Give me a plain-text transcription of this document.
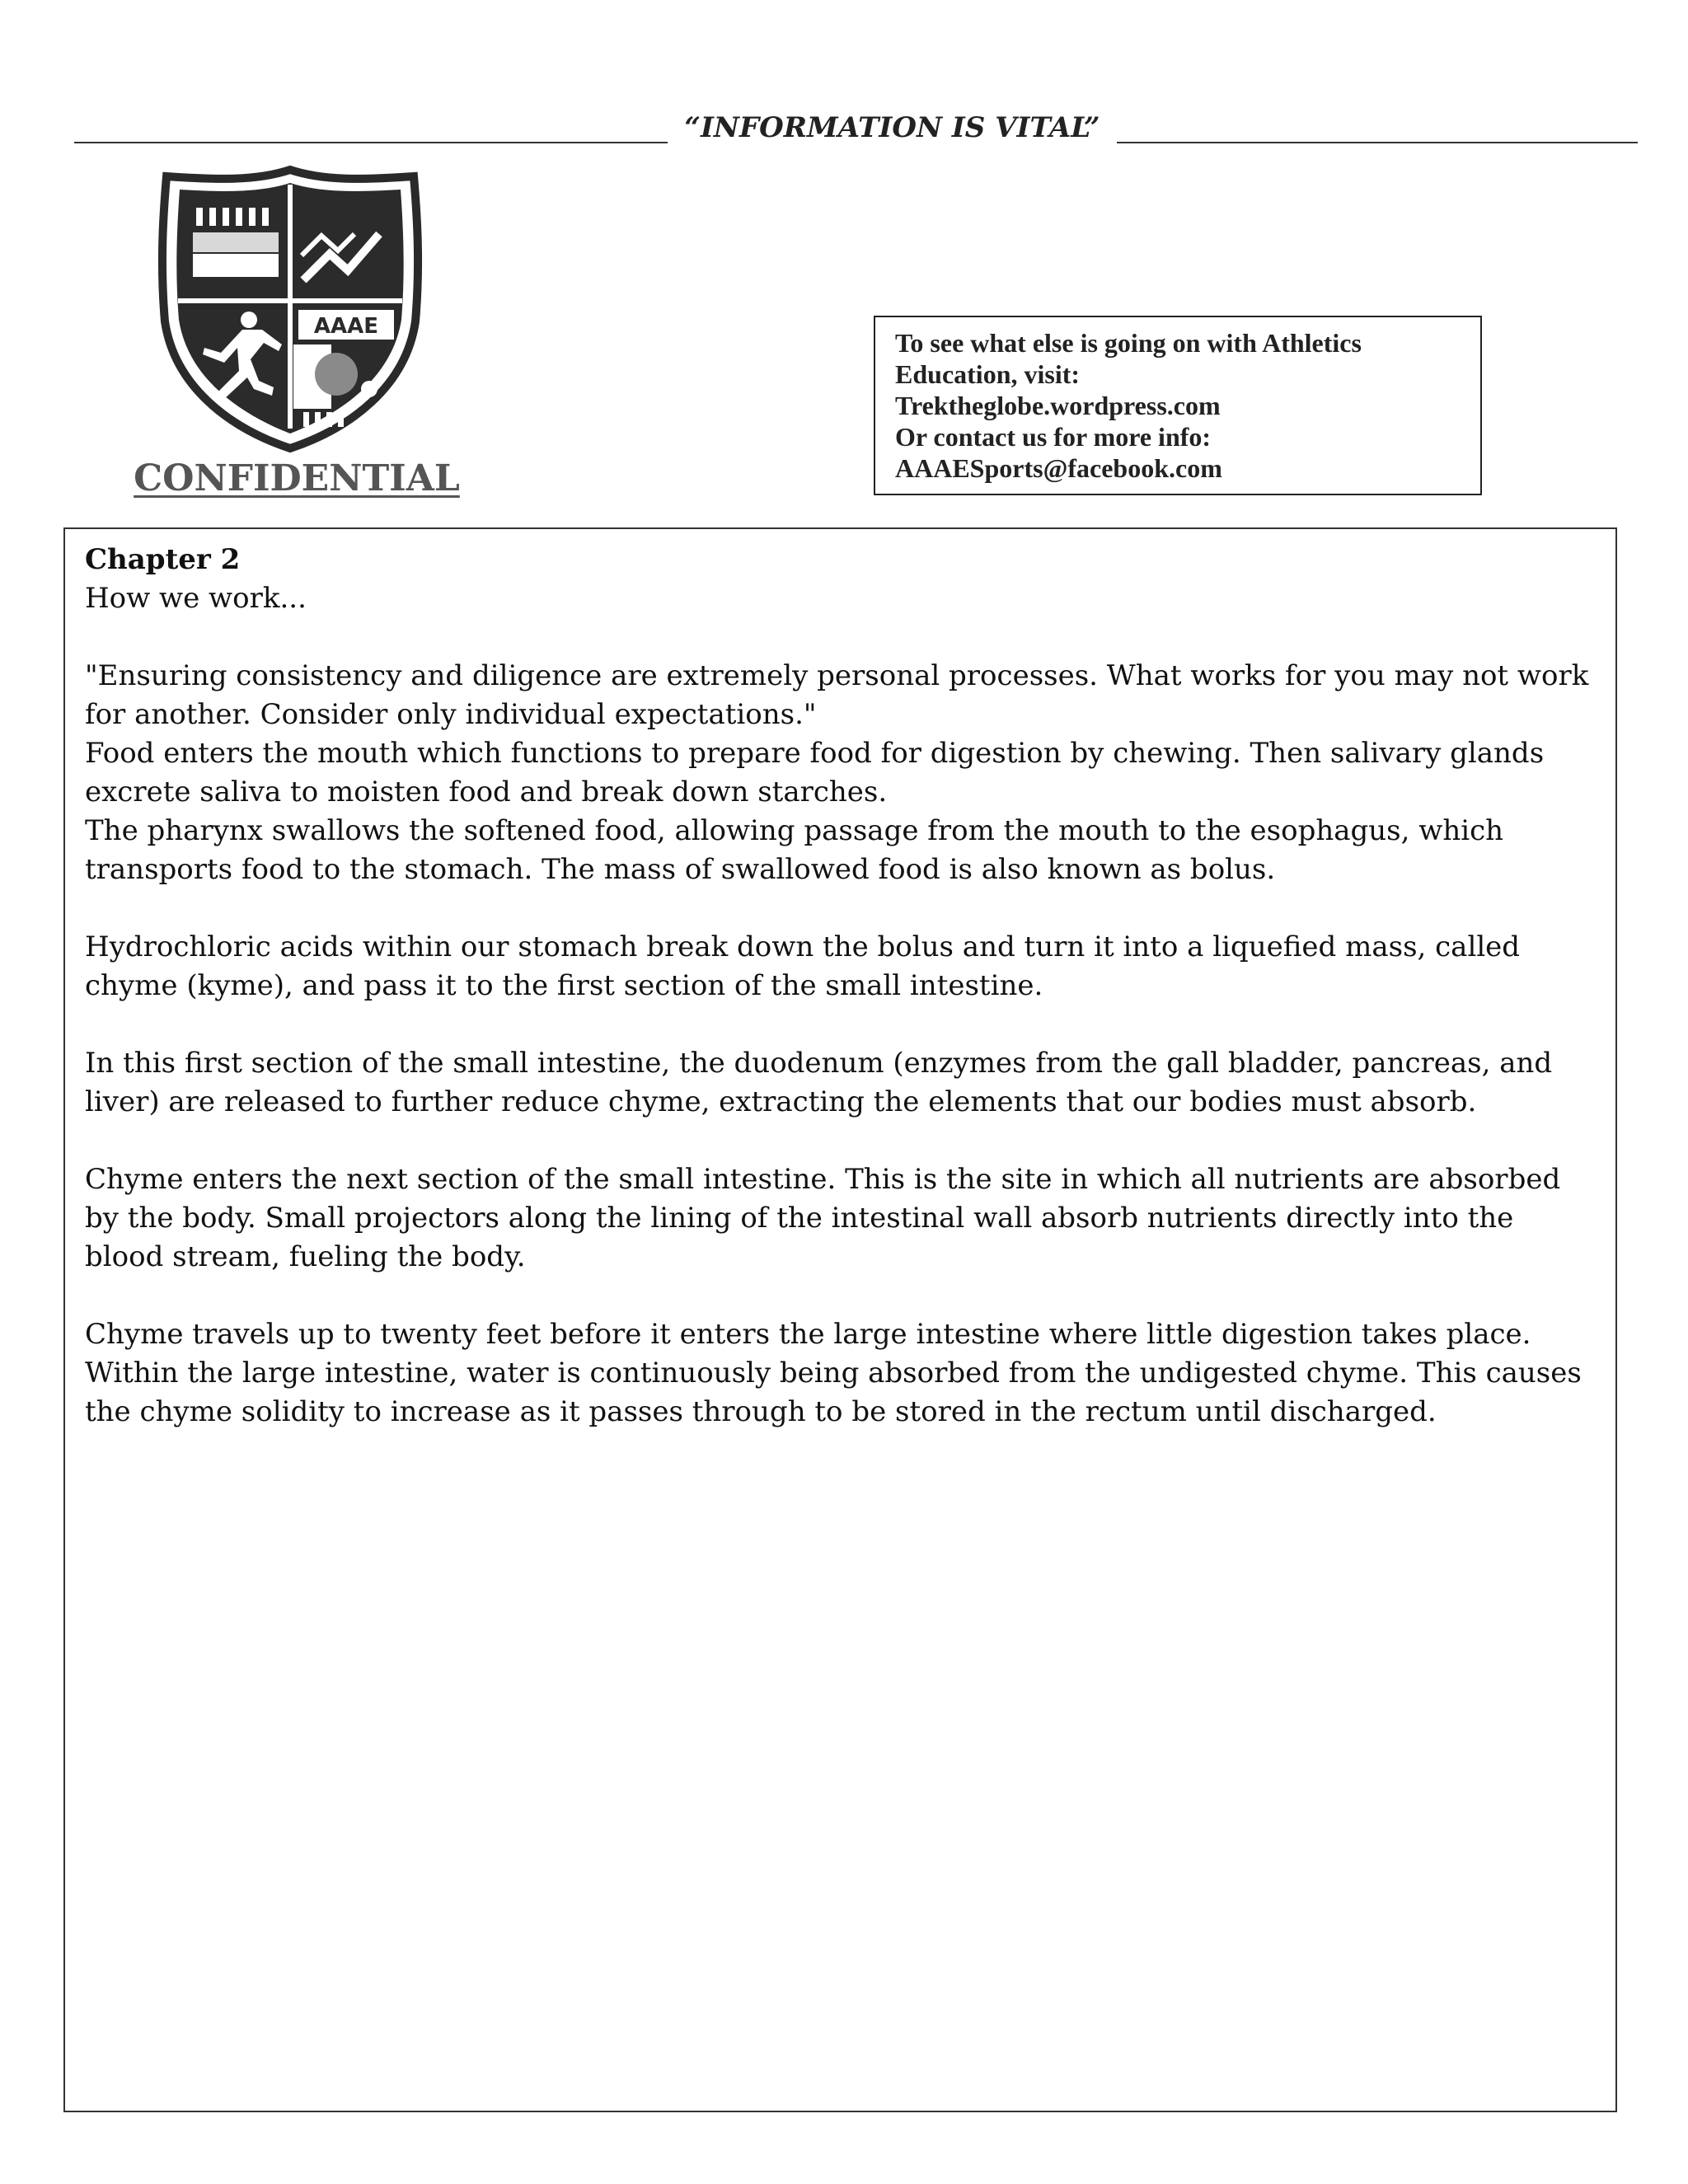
“INFORMATION IS VITAL”
AAAE
CONFIDENTIAL
To see what else is going on with Athletics
Education, visit:
Trektheglobe.wordpress.com
Or contact us for more info:
AAAESports@facebook.com

Chapter 2

How we work...

"Ensuring consistency and diligence are extremely personal processes. What works for you may not work for another. Consider only individual expectations."

Food enters the mouth which functions to prepare food for digestion by chewing. Then salivary glands excrete saliva to moisten food and break down starches.

The pharynx swallows the softened food, allowing passage from the mouth to the esophagus, which transports food to the stomach. The mass of swallowed food is also known as bolus.

Hydrochloric acids within our stomach break down the bolus and turn it into a liquefied mass, called chyme (kyme), and pass it to the first section of the small intestine.

In this first section of the small intestine, the duodenum (enzymes from the gall bladder, pancreas, and liver) are released to further reduce chyme, extracting the elements that our bodies must absorb.

Chyme enters the next section of the small intestine. This is the site in which all nutrients are absorbed by the body. Small projectors along the lining of the intestinal wall absorb nutrients directly into the blood stream, fueling the body.

Chyme travels up to twenty feet before it enters the large intestine where little digestion takes place. Within the large intestine, water is continuously being absorbed from the undigested chyme. This causes the chyme solidity to increase as it passes through to be stored in the rectum until discharged.
